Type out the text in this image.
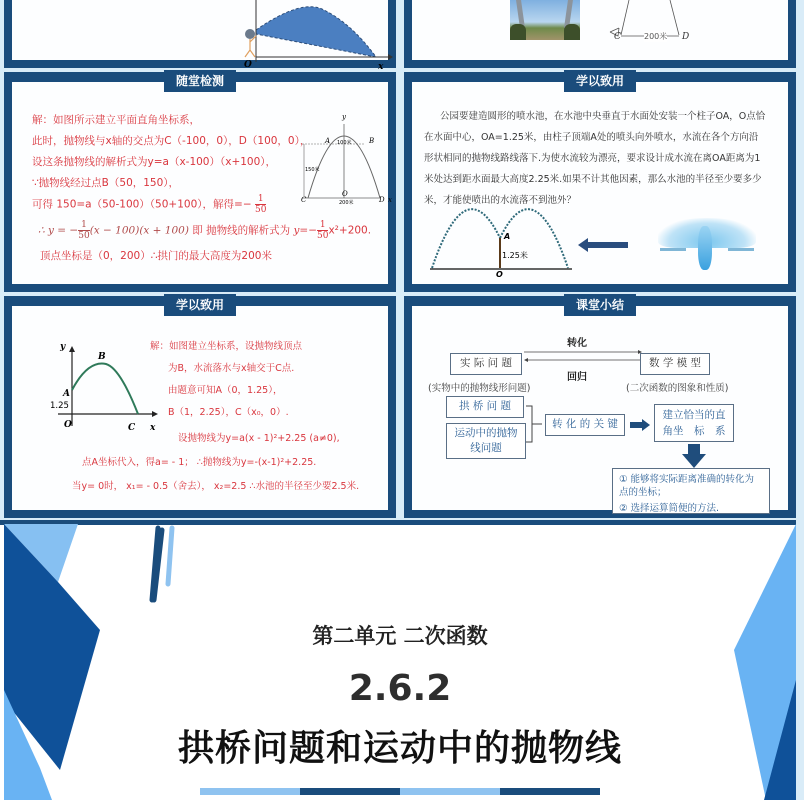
O	x
C	200米 D
解：如图所示建立平面直角坐标系，
此时，抛物线与x轴的交点为C（-100，0），D（100，0），
设这条抛物线的解析式为y=a（x-100）（x+100），
∵抛物线经过点B（50，150），
可得 150=a（50-100）（50+100），解得=− $\frac{1}{50}$
∴ y = − $\frac{1}{50} (x - 100)(x + 100)$ 即 抛物线的解析式为 $y=- \frac{1}{50} x^2+200$.
顶点坐标是（0，200）∴拱门的最大高度为200米
y
A	B
100米
150米
O
C	200米	D x
随堂检测
公园要建造圆形的喷水池，在水池中央垂直于水面处安装一个柱子OA，O点恰
在水面中心，OA=1.25米，由柱子顶端A处的喷头向外喷水，水流在各个方向沿
形状相同的抛物线路线落下.为使水流较为漂亮，要求设计成水流在离OA距离为1
米处达到距水面最大高度2.25米.如果不计其他因素，那么水池的半径至少要多少
米，才能使喷出的水流落不到池外？
A
1.25米
O
学以致用
y
B
A
1.25
O	C x
解：如图建立坐标系，设抛物线顶点
为B，水流落水与x轴交于C点.
由题意可知A（0，1.25），
B（1，2.25），C（x₀，0）.
设抛物线为y=a(x - 1)²+2.25 (a≠0),
点A坐标代入，得a= - 1； ∴抛物线为y=-(x-1)²+2.25.
当y= 0时， x₁= - 0.5（舍去）， x₂=2.5 ∴水池的半径至少要2.5米.
学以致用
转化
回归
实 际 问 题
(实物中的抛物线形问题)
数 学 模 型
(二次函数的图象和性质)
拱 桥 问 题
运动中的抛物线问题
转 化 的 关 键
建立恰当的直角坐　标　系
① 能够将实际距离准确的转化为点的坐标；
② 选择运算简便的方法.
课堂小结
第二单元 二次函数
2.6.2
拱桥问题和运动中的抛物线
